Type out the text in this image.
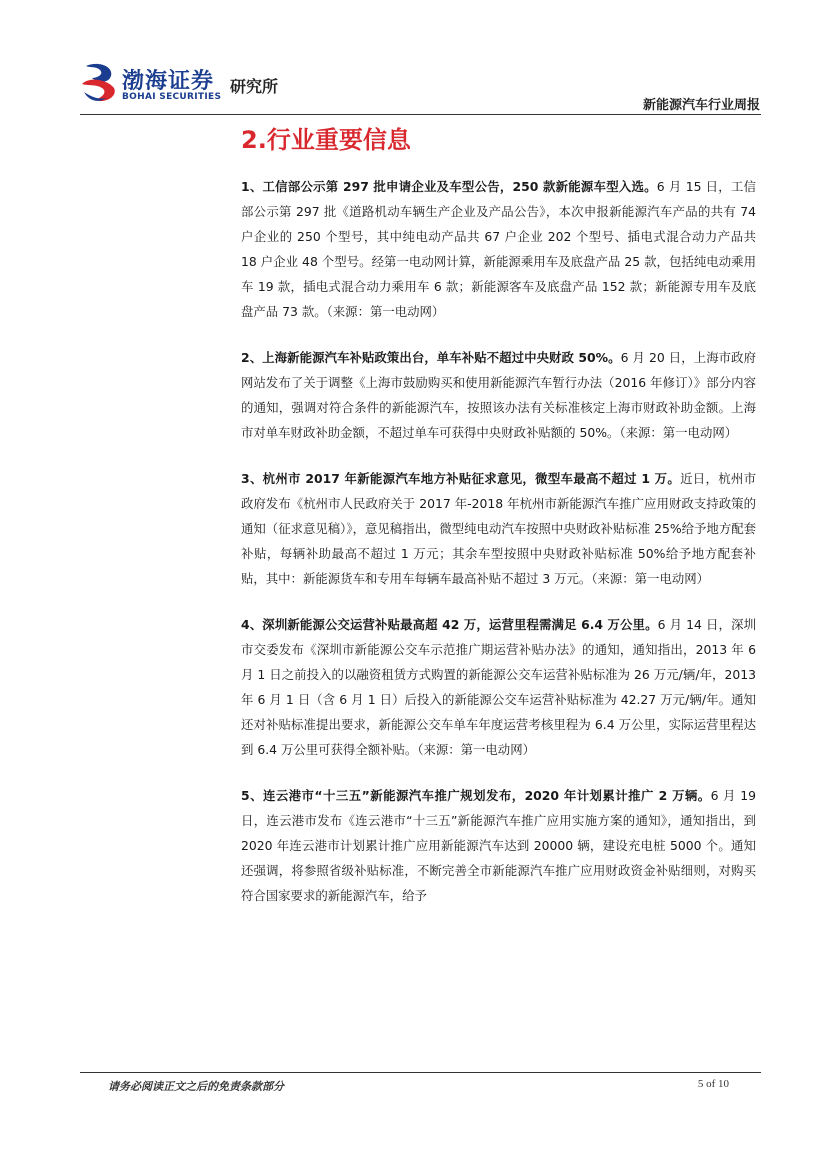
渤海证券
BOHAI SECURITIES
研究所
新能源汽车行业周报
2.行业重要信息

1、工信部公示第 297 批申请企业及车型公告，250 款新能源车型入选。6 月 15 日，工信部公示第 297 批《道路机动车辆生产企业及产品公告》，本次申报新能源汽车产品的共有 74 户企业的 250 个型号，其中纯电动产品共 67 户企业 202 个型号、插电式混合动力产品共 18 户企业 48 个型号。经第一电动网计算，新能源乘用车及底盘产品 25 款，包括纯电动乘用车 19 款，插电式混合动力乘用车 6 款；新能源客车及底盘产品 152 款；新能源专用车及底盘产品 73 款。（来源：第一电动网）

2、上海新能源汽车补贴政策出台，单车补贴不超过中央财政 50%。6 月 20 日，上海市政府网站发布了关于调整《上海市鼓励购买和使用新能源汽车暂行办法（2016 年修订）》部分内容的通知，强调对符合条件的新能源汽车，按照该办法有关标准核定上海市财政补助金额。上海市对单车财政补助金额，不超过单车可获得中央财政补贴额的 50%。（来源：第一电动网）

3、杭州市 2017 年新能源汽车地方补贴征求意见，微型车最高不超过 1 万。近日，杭州市政府发布《杭州市人民政府关于 2017 年-2018 年杭州市新能源汽车推广应用财政支持政策的通知（征求意见稿）》，意见稿指出，微型纯电动汽车按照中央财政补贴标准 25%给予地方配套补贴，每辆补助最高不超过 1 万元；其余车型按照中央财政补贴标准 50%给予地方配套补贴，其中：新能源货车和专用车每辆车最高补贴不超过 3 万元。（来源：第一电动网）

4、深圳新能源公交运营补贴最高超 42 万，运营里程需满足 6.4 万公里。6 月 14 日，深圳市交委发布《深圳市新能源公交车示范推广期运营补贴办法》的通知，通知指出，2013 年 6 月 1 日之前投入的以融资租赁方式购置的新能源公交车运营补贴标准为 26 万元/辆/年，2013 年 6 月 1 日（含 6 月 1 日）后投入的新能源公交车运营补贴标准为 42.27 万元/辆/年。通知还对补贴标准提出要求，新能源公交车单车年度运营考核里程为 6.4 万公里，实际运营里程达到 6.4 万公里可获得全额补贴。（来源：第一电动网）

5、连云港市“十三五”新能源汽车推广规划发布，2020 年计划累计推广 2 万辆。6 月 19 日，连云港市发布《连云港市“十三五”新能源汽车推广应用实施方案的通知》，通知指出，到 2020 年连云港市计划累计推广应用新能源汽车达到 20000 辆，建设充电桩 5000 个。通知还强调，将参照省级补贴标准，不断完善全市新能源汽车推广应用财政资金补贴细则，对购买符合国家要求的新能源汽车，给予

请务必阅读正文之后的免责条款部分	5 of 10
